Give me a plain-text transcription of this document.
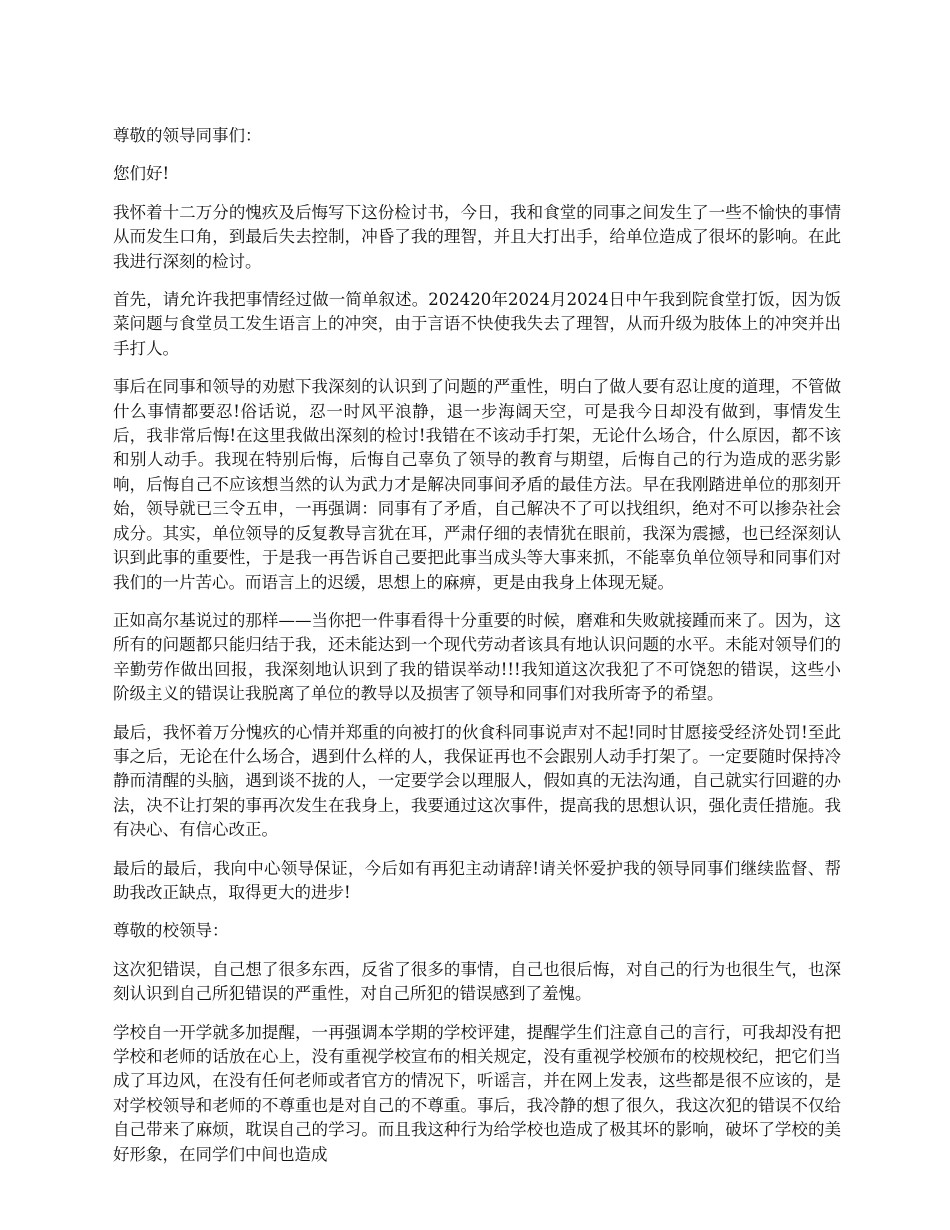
尊敬的领导同事们：

您们好!

我怀着十二万分的愧疚及后悔写下这份检讨书，今日，我和食堂的同事之间发生了一些不愉快的事情从而发生口角，到最后失去控制，冲昏了我的理智，并且大打出手，给单位造成了很坏的影响。在此我进行深刻的检讨。

首先，请允许我把事情经过做一简单叙述。202420年2024月2024日中午我到院食堂打饭，因为饭菜问题与食堂员工发生语言上的冲突，由于言语不快使我失去了理智，从而升级为肢体上的冲突并出手打人。

事后在同事和领导的劝慰下我深刻的认识到了问题的严重性，明白了做人要有忍让度的道理，不管做什么事情都要忍!俗话说，忍一时风平浪静，退一步海阔天空，可是我今日却没有做到，事情发生后，我非常后悔!在这里我做出深刻的检讨!我错在不该动手打架，无论什么场合，什么原因，都不该和别人动手。我现在特别后悔，后悔自己辜负了领导的教育与期望，后悔自己的行为造成的恶劣影响，后悔自己不应该想当然的认为武力才是解决同事间矛盾的最佳方法。早在我刚踏进单位的那刻开始，领导就已三令五申，一再强调：同事有了矛盾，自己解决不了可以找组织，绝对不可以掺杂社会成分。其实，单位领导的反复教导言犹在耳，严肃仔细的表情犹在眼前，我深为震撼，也已经深刻认识到此事的重要性，于是我一再告诉自己要把此事当成头等大事来抓，不能辜负单位领导和同事们对我们的一片苦心。而语言上的迟缓，思想上的麻痹，更是由我身上体现无疑。

正如高尔基说过的那样——当你把一件事看得十分重要的时候，磨难和失败就接踵而来了。因为，这所有的问题都只能归结于我，还未能达到一个现代劳动者该具有地认识问题的水平。未能对领导们的辛勤劳作做出回报，我深刻地认识到了我的错误举动!!!我知道这次我犯了不可饶恕的错误，这些小阶级主义的错误让我脱离了单位的教导以及损害了领导和同事们对我所寄予的希望。

最后，我怀着万分愧疚的心情并郑重的向被打的伙食科同事说声对不起!同时甘愿接受经济处罚!至此事之后，无论在什么场合，遇到什么样的人，我保证再也不会跟别人动手打架了。一定要随时保持冷静而清醒的头脑，遇到谈不拢的人，一定要学会以理服人，假如真的无法沟通，自己就实行回避的办法，决不让打架的事再次发生在我身上，我要通过这次事件，提高我的思想认识，强化责任措施。我有决心、有信心改正。

最后的最后，我向中心领导保证，今后如有再犯主动请辞!请关怀爱护我的领导同事们继续监督、帮助我改正缺点，取得更大的进步!

尊敬的校领导：

这次犯错误，自己想了很多东西，反省了很多的事情，自己也很后悔，对自己的行为也很生气，也深刻认识到自己所犯错误的严重性，对自己所犯的错误感到了羞愧。

学校自一开学就多加提醒，一再强调本学期的学校评建，提醒学生们注意自己的言行，可我却没有把学校和老师的话放在心上，没有重视学校宣布的相关规定，没有重视学校颁布的校规校纪，把它们当成了耳边风，在没有任何老师或者官方的情况下，听谣言，并在网上发表，这些都是很不应该的，是对学校领导和老师的不尊重也是对自己的不尊重。事后，我冷静的想了很久，我这次犯的错误不仅给自己带来了麻烦，耽误自己的学习。而且我这种行为给学校也造成了极其坏的影响，破坏了学校的美好形象，在同学们中间也造成
